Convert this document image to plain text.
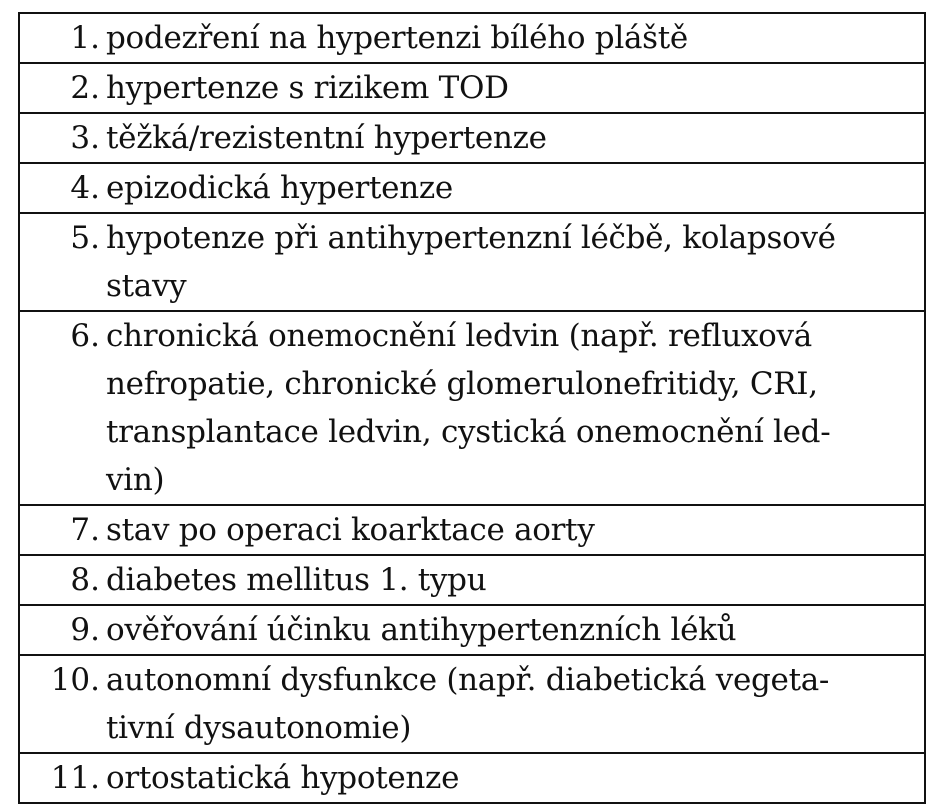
1. podezření na hypertenzi bílého pláště
2. hypertenze s rizikem TOD
3. těžká/rezistentní hypertenze
4. epizodická hypertenze
5. hypotenze při antihypertenzní léčbě, kolapsové
stavy
6. chronická onemocnění ledvin (např. refluxová
nefropatie, chronické glomerulonefritidy, CRI,
transplantace ledvin, cystická onemocnění led-
vin)
7. stav po operaci koarktace aorty
8. diabetes mellitus 1. typu
9. ověřování účinku antihypertenzních léků
10. autonomní dysfunkce (např. diabetická vegeta-
tivní dysautonomie)
11. ortostatická hypotenze
